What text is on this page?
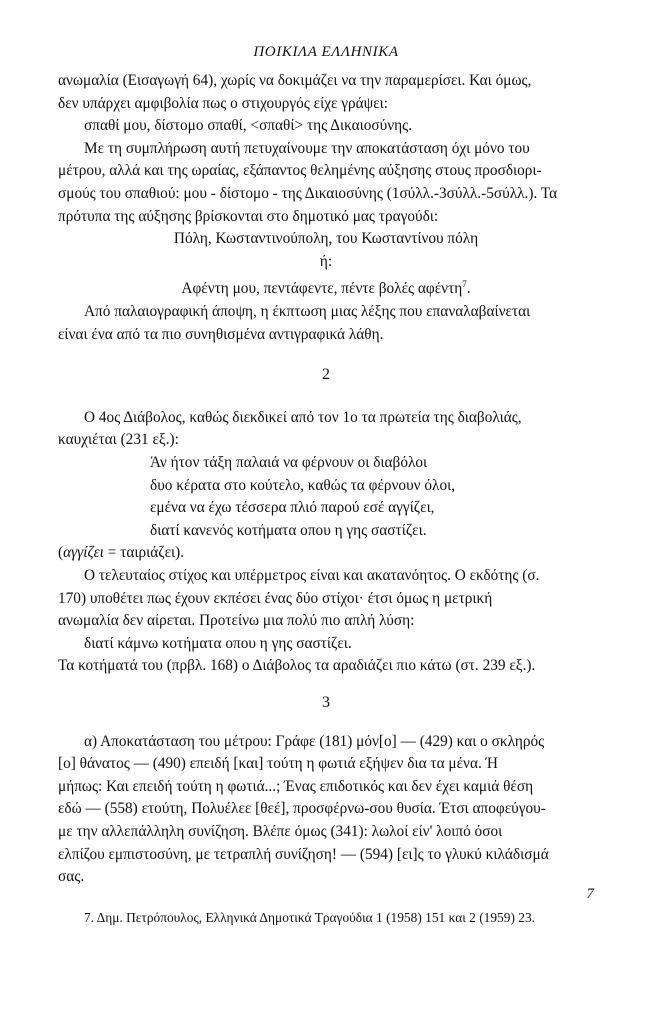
ΠΟΙΚΙΛΑ ΕΛΛΗΝΙΚΑ
ανωμαλία (Εισαγωγή 64), χωρίς να δοκιμάζει να την παραμερίσει. Και όμως,
δεν υπάρχει αμφιβολία πως ο στιχουργός είχε γράψει:
σπαθί μου, δίστομο σπαθί, <σπαθί> της Δικαιοσύνης.
Με τη συμπλήρωση αυτή πετυχαίνουμε την αποκατάσταση όχι μόνο του
μέτρου, αλλά και της ωραίας, εξάπαντος θελημένης αύξησης στους προσδιορι-
σμούς του σπαθιού: μου - δίστομο - της Δικαιοσύνης (1σύλλ.-3σύλλ.-5σύλλ.). Τα
πρότυπα της αύξησης βρίσκονται στο δημοτικό μας τραγούδι:
Πόλη, Κωσταντινούπολη, του Κωσταντίνου πόλη
ή:
Αφέντη μου, πεντάφεντε, πέντε βολές αφέντη$^7$.
Από παλαιογραφική άποψη, η έκπτωση μιας λέξης που επαναλαβαίνεται
είναι ένα από τα πιο συνηθισμένα αντιγραφικά λάθη.
2
Ο 4ος Διάβολος, καθώς διεκδικεί από τον 1ο τα πρωτεία της διαβολιάς,
καυχιέται (231 εξ.):
Άν ήτον τάξη παλαιά να φέρνουν οι διαβόλοι
δυο κέρατα στο κούτελο, καθώς τα φέρνουν όλοι,
εμένα να έχω τέσσερα πλιό παρού εσέ αγγίζει,
διατί κανενός κοτήματα οπου η γης σαστίζει.
(αγγίζει = ταιριάζει).
Ο τελευταίος στίχος και υπέρμετρος είναι και ακατανόητος. Ο εκδότης (σ.
170) υποθέτει πως έχουν εκπέσει ένας δύο στίχοι· έτσι όμως η μετρική
ανωμαλία δεν αίρεται. Προτείνω μια πολύ πιο απλή λύση:
διατί κάμνω κοτήματα οπου η γης σαστίζει.
Τα κοτήματά του (πρβλ. 168) ο Διάβολος τα αραδιάζει πιο κάτω (στ. 239 εξ.).
3
α) Αποκατάσταση του μέτρου: Γράφε (181) μόν[ο] — (429) και ο σκληρός
[ο] θάνατος — (490) επειδή [και] τούτη η φωτιά εξήψεν δια τα μένα. Ή
μήπως: Και επειδή τούτη η φωτιά...; Ένας επιδοτικός και δεν έχει καμιά θέση
εδώ — (558) ετούτη, Πολυέλεε [θεέ], προσφέρνω-σου θυσία. Έτσι αποφεύγου-
με την αλλεπάλληλη συνίζηση. Βλέπε όμως (341): λωλοί είν' λοιπό όσοι
ελπίζου εμπιστοσύνη, με τετραπλή συνίζηση! — (594) [ει]ς το γλυκύ κιλάδισμά
σας.
7. Δημ. Πετρόπουλος, Ελληνικά Δημοτικά Τραγούδια 1 (1958) 151 και 2 (1959) 23.
7
